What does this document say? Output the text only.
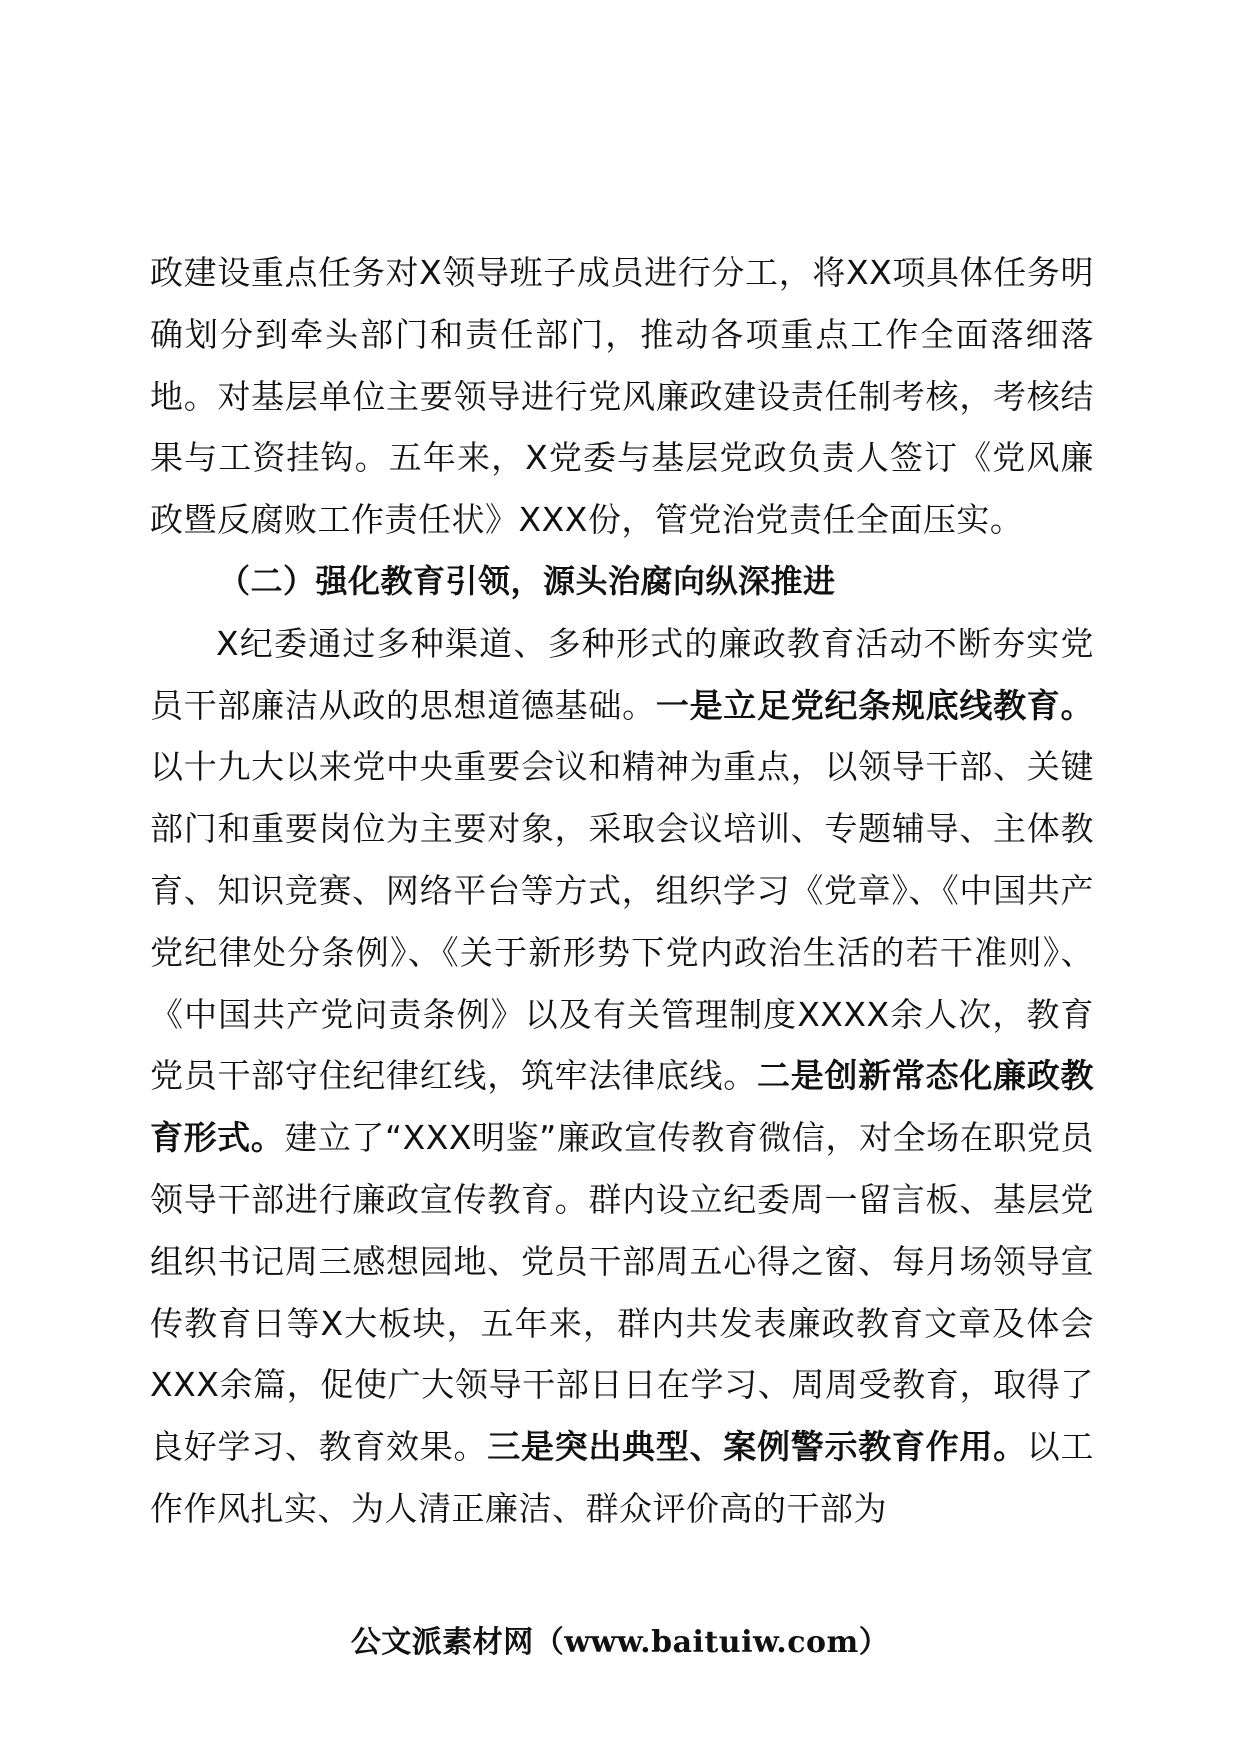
政建设重点任务对X领导班子成员进行分工，将XX项具体任务明确划分到牵头部门和责任部门，推动各项重点工作全面落细落地。对基层单位主要领导进行党风廉政建设责任制考核，考核结果与工资挂钩。五年来，X党委与基层党政负责人签订《党风廉政暨反腐败工作责任状》XXX份，管党治党责任全面压实。

（二）强化教育引领，源头治腐向纵深推进

X纪委通过多种渠道、多种形式的廉政教育活动不断夯实党员干部廉洁从政的思想道德基础。一是立足党纪条规底线教育。以十九大以来党中央重要会议和精神为重点，以领导干部、关键部门和重要岗位为主要对象，采取会议培训、专题辅导、主体教育、知识竞赛、网络平台等方式，组织学习《党章》、《中国共产党纪律处分条例》、《关于新形势下党内政治生活的若干准则》、《中国共产党问责条例》以及有关管理制度XXXX余人次，教育党员干部守住纪律红线，筑牢法律底线。二是创新常态化廉政教育形式。建立了“XXX明鉴”廉政宣传教育微信，对全场在职党员领导干部进行廉政宣传教育。群内设立纪委周一留言板、基层党组织书记周三感想园地、党员干部周五心得之窗、每月场领导宣传教育日等X大板块，五年来，群内共发表廉政教育文章及体会XXX余篇，促使广大领导干部日日在学习、周周受教育，取得了良好学习、教育效果。三是突出典型、案例警示教育作用。以工作作风扎实、为人清正廉洁、群众评价高的干部为

公文派素材网（www.baituiw.com）
